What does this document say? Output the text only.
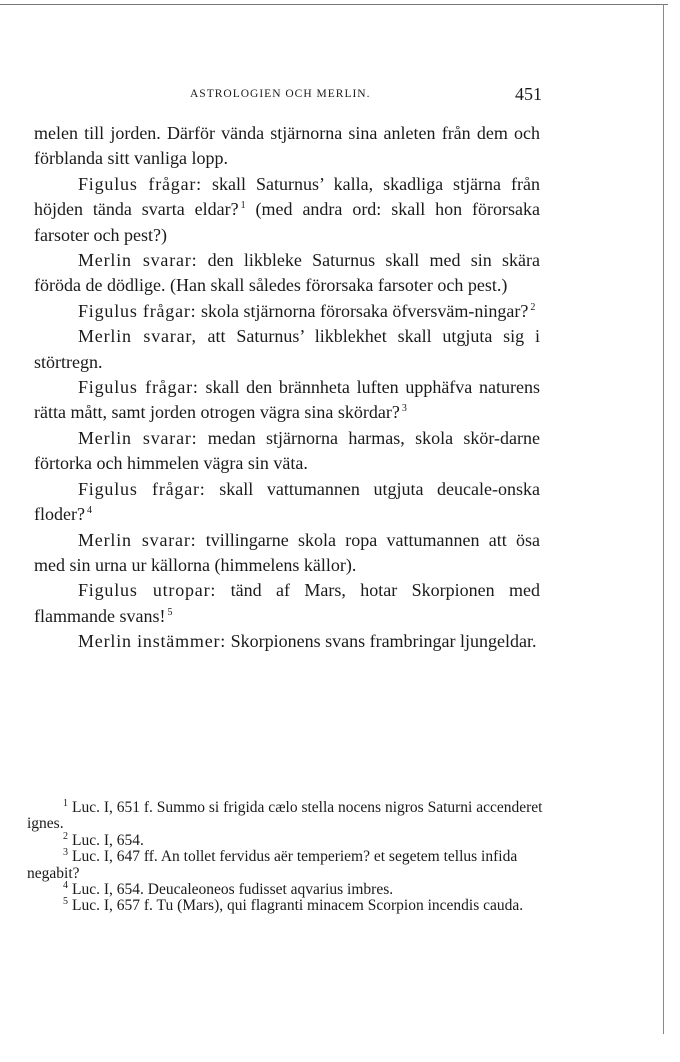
ASTROLOGIEN OCH MERLIN.	451

melen till jorden. Därför vända stjärnorna sina anleten från dem och förblanda sitt vanliga lopp.

Figulus frågar: skall Saturnus’ kalla, skadliga stjärna från höjden tända svarta eldar? $^1$ (med andra ord: skall hon förorsaka farsoter och pest?)

Merlin svarar: den likbleke Saturnus skall med sin skära föröda de dödlige. (Han skall således förorsaka farsoter och pest.)

Figulus frågar: skola stjärnorna förorsaka öfversväm-ningar? $^2$

Merlin svarar, att Saturnus’ likblekhet skall utgjuta sig i störtregn.

Figulus frågar: skall den brännheta luften upphäfva naturens rätta mått, samt jorden otrogen vägra sina skördar? $^3$

Merlin svarar: medan stjärnorna harmas, skola skör-darne förtorka och himmelen vägra sin väta.

Figulus frågar: skall vattumannen utgjuta deucale-onska floder? $^4$

Merlin svarar: tvillingarne skola ropa vattumannen att ösa med sin urna ur källorna (himmelens källor).

Figulus utropar: tänd af Mars, hotar Skorpionen med flammande svans! $^5$

Merlin instämmer: Skorpionens svans frambringar ljungeldar.

$^1$ Luc. I, 651 f. Summo si frigida cælo stella nocens nigros Saturni accenderet ignes.

$^2$ Luc. I, 654.

$^3$ Luc. I, 647 ff. An tollet fervidus aër temperiem? et segetem tellus infida negabit?

$^4$ Luc. I, 654. Deucaleoneos fudisset aqvarius imbres.

$^5$ Luc. I, 657 f. Tu (Mars), qui flagranti minacem Scorpion incendis cauda.
